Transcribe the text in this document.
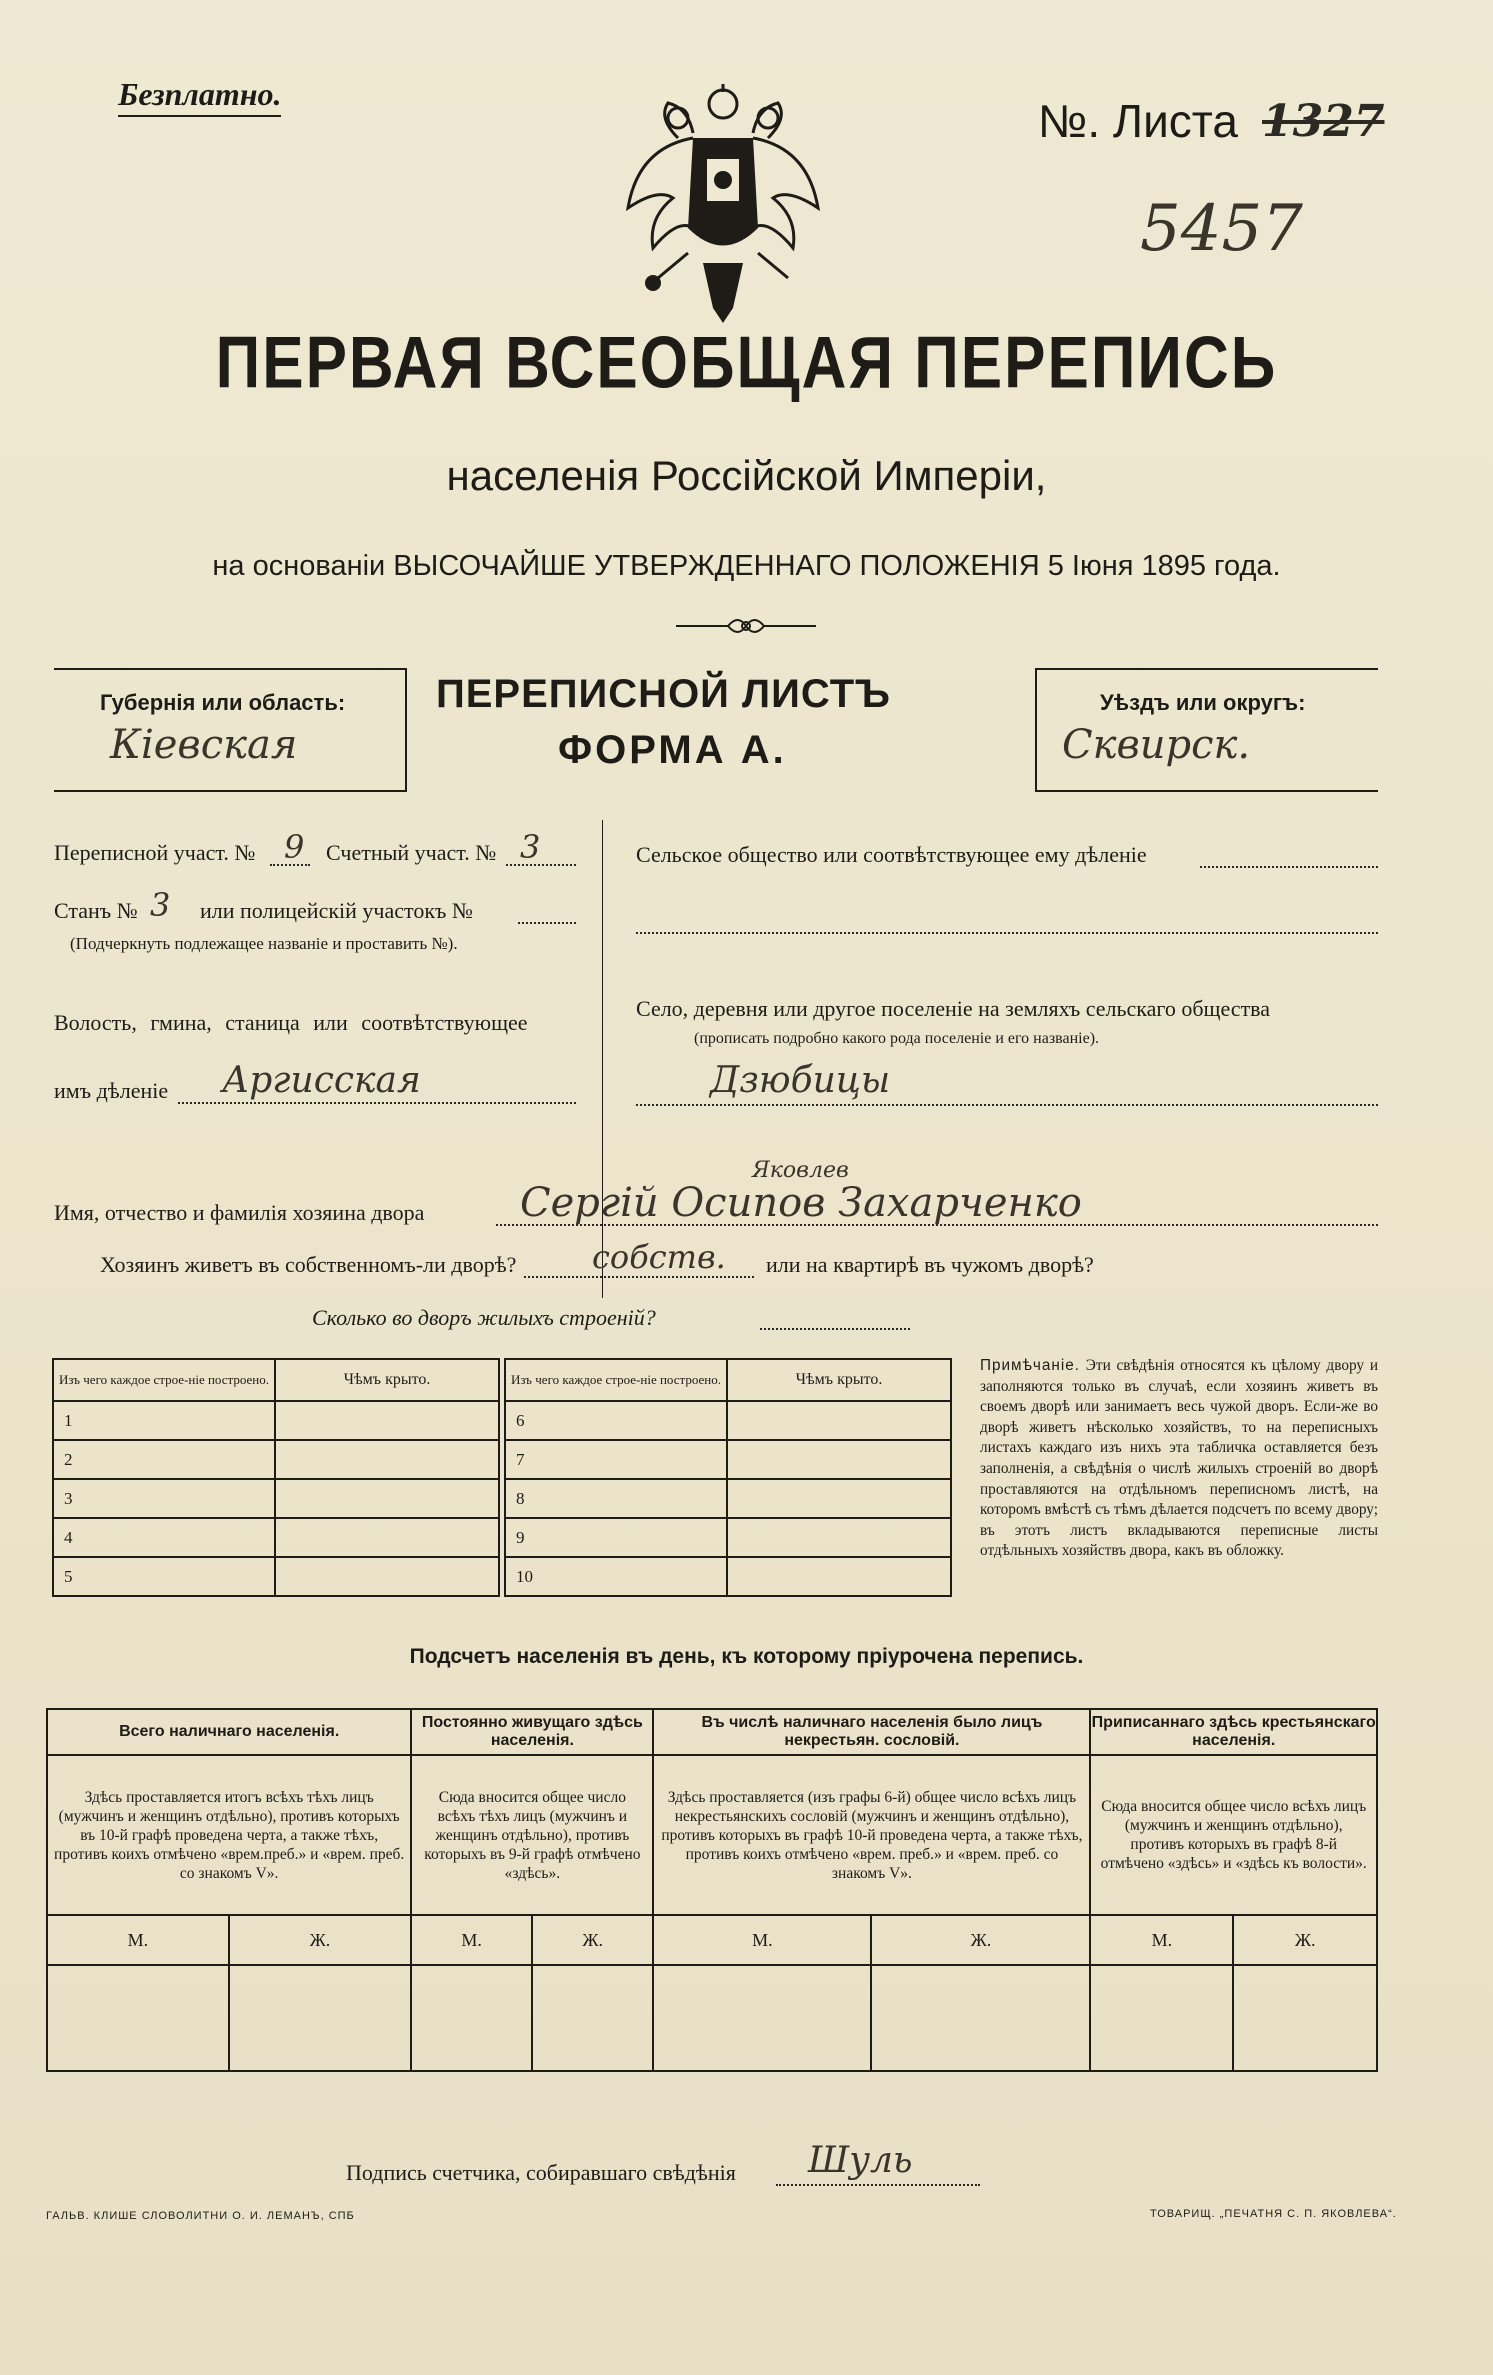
Безплатно.
№. Листа 1327
5457
ПЕРВАЯ ВСЕОБЩАЯ ПЕРЕПИСЬ
населенія Россійской Имперіи,
на основаніи ВЫСОЧАЙШЕ УТВЕРЖДЕННАГО ПОЛОЖЕНІЯ 5 Іюня 1895 года.
Губернія или область:
Кіевская
ПЕРЕПИСНОЙ ЛИСТЪ
ФОРМА А.
Уѣздъ или округъ:
Сквирск.
Переписной участ. № 9 Счетный участ. № 3
Станъ № 3 или полицейскій участокъ №
(Подчеркнуть подлежащее названіе и проставить №).
Волость, гмина, станица или соотвѣтствующее
имъ дѣленіе Аргисская
Сельское общество или соотвѣтствующее ему дѣленіе
Село, деревня или другое поселеніе на земляхъ сельскаго общества
(прописать подробно какого рода поселеніе и его названіе).
Дзюбицы
Имя, отчество и фамилія хозяина двора
Яковлев
Сергій Осипов Захарченко
Хозяинъ живетъ въ собственномъ-ли дворѣ? собств. или на квартирѣ въ чужомъ дворѣ?
Сколько во дворъ жилыхъ строеній?
Изъ чего каждое строе-ніе построено.	Чѣмъ крыто.		Изъ чего каждое строе-ніе построено.	Чѣмъ крыто.
1			6	
2			7	
3			8	
4			9	
5			10	
Примѣчаніе. Эти свѣдѣнія относятся къ цѣлому двору и заполняются только въ случаѣ, если хозяинъ живетъ въ своемъ дворѣ или занимаетъ весь чужой дворъ. Если-же во дворѣ живетъ нѣсколько хозяйствъ, то на переписныхъ листахъ каждаго изъ нихъ эта табличка оставляется безъ заполненія, а свѣдѣнія о числѣ жилыхъ строеній во дворѣ проставляются на отдѣльномъ переписномъ листѣ, на которомъ вмѣстѣ съ тѣмъ дѣлается подсчетъ по всему двору; въ этотъ листъ вкладываются переписные листы отдѣльныхъ хозяйствъ двора, какъ въ обложку.
Подсчетъ населенія въ день, къ которому пріурочена перепись.
Всего наличнаго населенія.		Постоянно живущаго здѣсь населенія.		Въ числѣ наличнаго населенія было лицъ некрестьян. сословій.		Приписаннаго здѣсь крестьянскаго населенія.	
Здѣсь проставляется итогъ всѣхъ тѣхъ лицъ (мужчинъ и женщинъ отдѣльно), противъ которыхъ въ 10-й графѣ проведена черта, а также тѣхъ, противъ коихъ отмѣчено «врем.преб.» и «врем. преб. со знакомъ V».		Сюда вносится общее число всѣхъ тѣхъ лицъ (мужчинъ и женщинъ отдѣльно), противъ которыхъ въ 9-й графѣ отмѣчено «здѣсь».		Здѣсь проставляется (изъ графы 6-й) общее число всѣхъ лицъ некрестьянскихъ сословій (мужчинъ и женщинъ отдѣльно), противъ которыхъ въ графѣ 10-й проведена черта, а также тѣхъ, противъ коихъ отмѣчено «врем. преб.» и «врем. преб. со знакомъ V».		Сюда вносится общее число всѣхъ лицъ (мужчинъ и женщинъ отдѣльно), противъ которыхъ въ графѣ 8-й отмѣчено «здѣсь» и «здѣсь къ волости».	
М.	Ж.	М.	Ж.	М.	Ж.	М.	Ж.

Подпись счетчика, собиравшаго свѣдѣнія Шуль
ГАЛЬВ. КЛИШЕ СЛОВОЛИТНИ О. И. ЛЕМАНЪ, СПБ	ТОВАРИЩ. „ПЕЧАТНЯ С. П. ЯКОВЛЕВА“.
